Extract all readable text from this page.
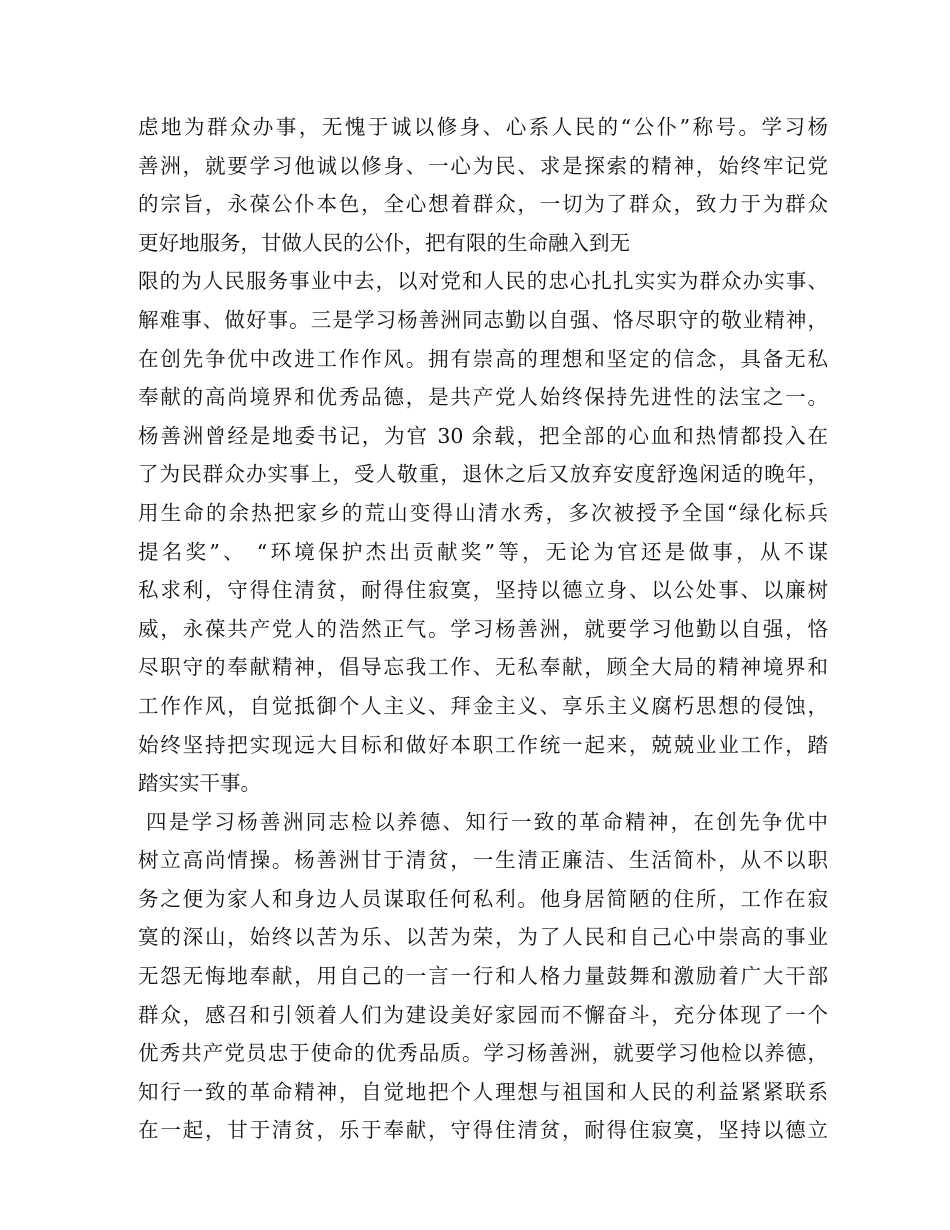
虑地为群众办事，无愧于诚以修身、心系人民的“公仆”称号。学习杨
善洲，就要学习他诚以修身、一心为民、求是探索的精神，始终牢记党
的宗旨，永葆公仆本色，全心想着群众，一切为了群众，致力于为群众
更好地服务，甘做人民的公仆，把有限的生命融入到无
限的为人民服务事业中去，以对党和人民的忠心扎扎实实为群众办实事、
解难事、做好事。三是学习杨善洲同志勤以自强、恪尽职守的敬业精神，
在创先争优中改进工作作风。拥有崇高的理想和坚定的信念，具备无私
奉献的高尚境界和优秀品德，是共产党人始终保持先进性的法宝之一。
杨善洲曾经是地委书记，为官 30 余载，把全部的心血和热情都投入在
了为民群众办实事上，受人敬重，退休之后又放弃安度舒逸闲适的晚年，
用生命的余热把家乡的荒山变得山清水秀，多次被授予全国“绿化标兵
提名奖”、 “环境保护杰出贡献奖”等，无论为官还是做事，从不谋
私求利，守得住清贫，耐得住寂寞，坚持以德立身、以公处事、以廉树
威，永葆共产党人的浩然正气。学习杨善洲，就要学习他勤以自强，恪
尽职守的奉献精神，倡导忘我工作、无私奉献，顾全大局的精神境界和
工作作风，自觉抵御个人主义、拜金主义、享乐主义腐朽思想的侵蚀，
始终坚持把实现远大目标和做好本职工作统一起来，兢兢业业工作，踏
踏实实干事。
四是学习杨善洲同志检以养德、知行一致的革命精神，在创先争优中
树立高尚情操。杨善洲甘于清贫，一生清正廉洁、生活简朴，从不以职
务之便为家人和身边人员谋取任何私利。他身居简陋的住所，工作在寂
寞的深山，始终以苦为乐、以苦为荣，为了人民和自己心中崇高的事业
无怨无悔地奉献，用自己的一言一行和人格力量鼓舞和激励着广大干部
群众，感召和引领着人们为建设美好家园而不懈奋斗，充分体现了一个
优秀共产党员忠于使命的优秀品质。学习杨善洲，就要学习他检以养德，
知行一致的革命精神，自觉地把个人理想与祖国和人民的利益紧紧联系
在一起，甘于清贫，乐于奉献，守得住清贫，耐得住寂寞，坚持以德立
